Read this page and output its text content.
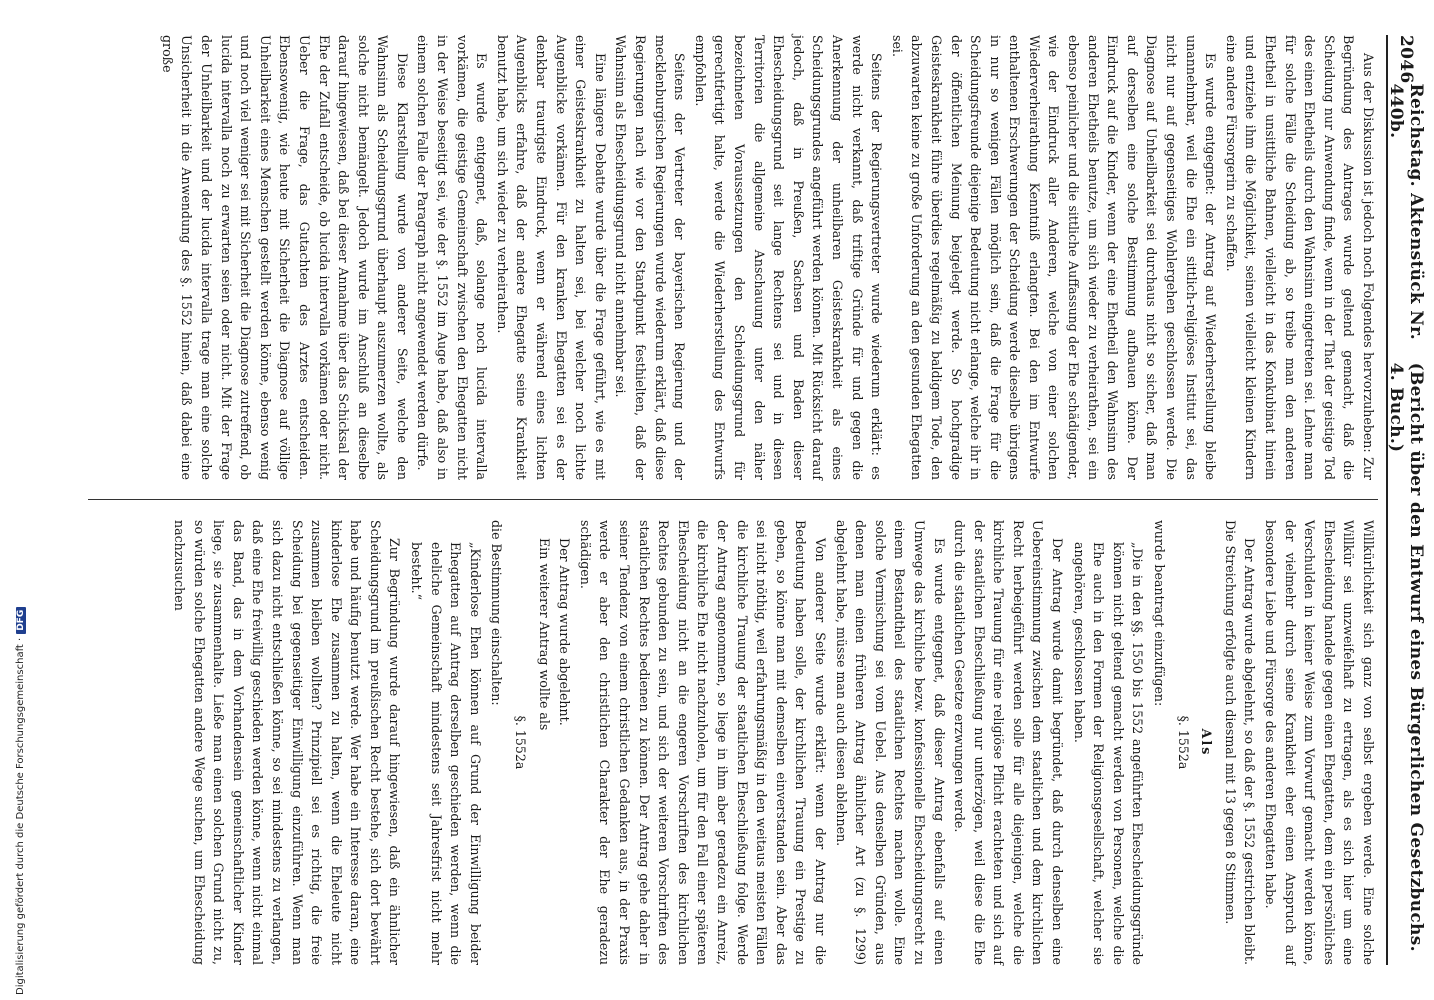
Digitalisierung gefördert durch die Deutsche Forschungsgemeinschaft ·DFG
2046
Reichstag. Aktenstück Nr. 440b.
(Bericht über den Entwurf eines Bürgerlichen Gesetzbuchs. 4. Buch.)

Aus der Diskussion ist jedoch noch Folgendes hervorzuheben: Zur Begründung des Antrages wurde geltend gemacht, daß die Scheidung nur Anwendung finde, wenn in der That der geistige Tod des einen Ehetheils durch den Wahnsinn eingetreten sei. Lehne man für solche Fälle die Scheidung ab, so treibe man den anderen Ehetheil in unsittliche Bahnen, vielleicht in das Konkubinat hinein und entziehe ihm die Möglichkeit, seinen vielleicht kleinen Kindern eine andere Fürsorgerin zu schaffen.

Es wurde entgegnet: der Antrag auf Wiederherstellung bleibe unannehmbar, weil die Ehe ein sittlich-religiöses Institut sei, das nicht nur auf gegenseitiges Wohlergehen geschlossen werde. Die Diagnose auf Unheilbarkeit sei durchaus nicht so sicher, daß man auf derselben eine solche Bestimmung aufbauen könne. Der Eindruck auf die Kinder, wenn der eine Ehetheil den Wahnsinn des anderen Ehetheils benutze, um sich wieder zu verheirathen, sei ein ebenso peinlicher und die sittliche Auffassung der Ehe schädigender, wie der Eindruck aller Anderen, welche von einer solchen Wiederverheirathung Kenntniß erlangten. Bei den im Entwurfe enthaltenen Erschwerungen der Scheidung werde dieselbe übrigens in nur so wenigen Fällen möglich sein, daß die Frage für die Scheidungsfreunde diejenige Bedeutung nicht erlange, welche ihr in der öffentlichen Meinung beigelegt werde. So hochgradige Geisteskrankheit führe überdies regelmäßig zu baldigem Tode, den abzuwarten keine zu große Unforderung an den gesunden Ehegatten sei.

Seitens der Regierungsvertreter wurde wiederum erklärt: es werde nicht verkannt, daß triftige Gründe für und gegen die Anerkennung der unheilbaren Geisteskrankheit als eines Scheidungsgrundes angeführt werden können. Mit Rücksicht darauf jedoch, daß in Preußen, Sachsen und Baden dieser Ehescheidungsgrund seit lange Rechtens sei und in diesen Territorien die allgemeine Anschauung unter den näher bezeichneten Voraussetzungen den Scheidungsgrund für gerechtfertigt halte, werde die Wiederherstellung des Entwurfs empfohlen.

Seitens der Vertreter der bayerischen Regierung und der mecklenburgischen Regierungen wurde wiederum erklärt, daß diese Regierungen nach wie vor den Standpunkt festhielten, daß der Wahnsinn als Ehescheidungsgrund nicht annehmbar sei.

Eine längere Debatte wurde über die Frage geführt, wie es mit einer Geisteskrankheit zu halten sei, bei welcher noch lichte Augenblicke vorkämen. Für den kranken Ehegatten sei es der denkbar traurigste Eindruck, wenn er während eines lichten Augenblicks erfahre, daß der andere Ehegatte seine Krankheit benutzt habe, um sich wieder zu verheirathen.

Es wurde entgegnet, daß, solange noch lucida intervalla vorkämen, die geistige Gemeinschaft zwischen den Ehegatten nicht in der Weise beseitigt sei, wie der §. 1552 im Auge habe, daß also in einem solchen Falle der Paragraph nicht angewendet werden dürfe.

Diese Klarstellung wurde von anderer Seite, welche den Wahnsinn als Scheidungsgrund überhaupt auszumerzen wollte, als solche nicht bemängelt. Jedoch wurde im Anschluß an dieselbe darauf hingewiesen, daß bei dieser Annahme über das Schicksal der Ehe der Zufall entscheide, ob lucida intervalla vorkämen oder nicht. Ueber die Frage, das Gutachten des Arztes entscheiden. Ebensowenig, wie heute mit Sicherheit die Diagnose auf völlige Unheilbarkeit eines Menschen gestellt werden könne, ebenso wenig und noch viel weniger sei mit Sicherheit die Diagnose zutreffend, ob lucida intervalla noch zu erwarten seien oder nicht. Mit der Frage der Unheilbarkeit und der lucida intervalla trage man eine solche Unsicherheit in die Anwendung des §. 1552 hinein, daß dabei eine große

Willkürlichkeit sich ganz von selbst ergeben werde. Eine solche Willkür sei unzweifelhaft zu ertragen, als es sich hier um eine Ehescheidung handele gegen einen Ehegatten, dem ein persönliches Verschulden in keiner Weise zum Vorwurf gemacht werden könne, der vielmehr durch seine Krankheit eher einen Anspruch auf besondere Liebe und Fürsorge des anderen Ehegatten habe.

Der Antrag wurde abgelehnt, so daß der §. 1552 gestrichen bleibt. Die Streichung erfolgte auch diesmal mit 13 gegen 8 Stimmen.

Als

§. 1552a

wurde beantragt einzufügen:

„Die in den §§. 1550 bis 1552 angeführten Ehescheidungsgründe können nicht geltend gemacht werden von Personen, welche die Ehe auch in den Formen der Religionsgesellschaft, welcher sie angehören, geschlossen haben.

Der Antrag wurde damit begründet, daß durch denselben eine Uebereinstimmung zwischen dem staatlichen und dem kirchlichen Recht herbeigeführt werden solle für alle diejenigen, welche die kirchliche Trauung für eine religiöse Pflicht erachteten und sich auf der staatlichen Eheschließung nur unterzögen, weil diese die Ehe durch die staatlichen Gesetze erzwungen werde.

Es wurde entgegnet, daß dieser Antrag ebenfalls auf einen Umwege das kirchliche bezw. konfessionelle Ehescheidungsrecht zu einem Bestandtheil des staatlichen Rechtes machen wolle. Eine solche Vermischung sei vom Uebel. Aus denselben Gründen, aus denen man einen früheren Antrag ähnlicher Art (zu §. 1299) abgelehnt habe, müsse man auch diesen ablehnen.

Von anderer Seite wurde erklärt: wenn der Antrag nur die Bedeutung haben solle, der kirchlichen Trauung ein Prestige zu geben, so könne man mit demselben einverstanden sein. Aber das sei nicht nöthig, weil erfahrungsmäßig in den weitaus meisten Fällen die kirchliche Trauung der staatlichen Eheschließung folge. Werde der Antrag angenommen, so liege in ihm aber geradezu ein Anreiz, die kirchliche Ehe nicht nachzuholen, um für den Fall einer späteren Ehescheidung nicht an die engeren Vorschriften des kirchlichen Rechtes gebunden zu sein, und sich der weiteren Vorschriften des staatlichen Rechtes bedienen zu können. Der Antrag gehe daher in seiner Tendenz von einem christlichen Gedanken aus, in der Praxis werde er aber den christlichen Charakter der Ehe geradezu schädigen.

Der Antrag wurde abgelehnt.

Ein weiterer Antrag wollte als

§. 1552a

die Bestimmung einschalten:

„Kinderlose Ehen können auf Grund der Einwilligung beider Ehegatten auf Antrag derselben geschieden werden, wenn die eheliche Gemeinschaft mindestens seit Jahresfrist nicht mehr besteht.“

Zur Begründung wurde darauf hingewiesen, daß ein ähnlicher Scheidungsgrund im preußischen Recht bestehe, sich dort bewährt habe und häufig benutzt werde. Wer habe ein Interesse daran, eine kinderlose Ehe zusammen zu halten, wenn die Eheleute nicht zusammen bleiben wollten? Prinzipiell sei es richtig, die freie Scheidung bei gegenseitiger Einwilligung einzuführen. Wenn man sich dazu nicht entschließen könne, so sei mindestens zu verlangen, daß eine Ehe freiwillig geschieden werden könne, wenn nicht einmal das Band, das in dem Vorhandensein gemeinschaftlicher Kinder liege, sie zusammenhalte. Ließe man einen solchen Grund nicht zu, so würden solche Ehegatten andere Wege suchen, um Ehescheidung nachzusuchen
